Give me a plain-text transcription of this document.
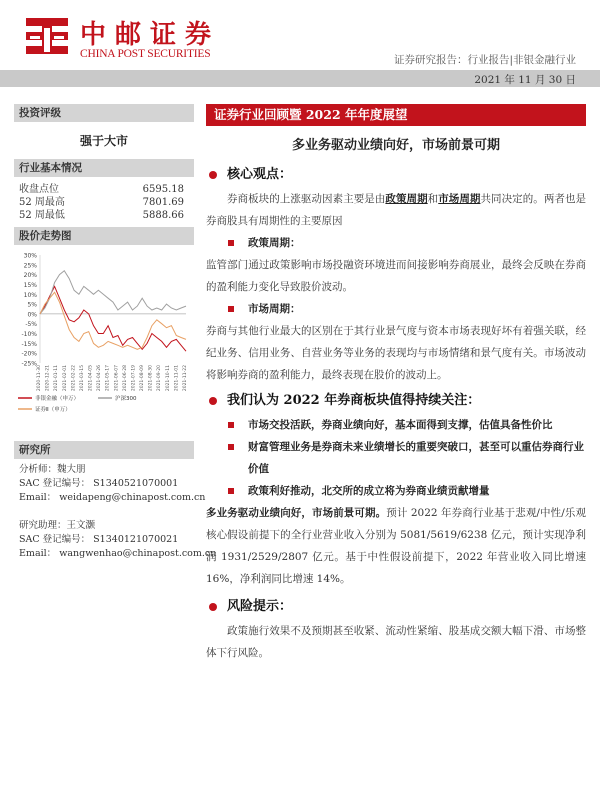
中邮证券
CHINA POST SECURITIES	证券研究报告：行业报告|非银金融行业
2021 年 11 月 30 日
投资评级
强于大市
行业基本情况
收盘点位	6595.18
52 周最高	7801.69
52 周最低	5888.66
股价走势图
30%
25%
20%
15%
10%
5%
0%
-5%
-10%
-15%
-20%
-25%
2020-11-30 2020-12-21 2021-01-11 2021-02-01 2021-02-22 2021-03-15 2021-04-05 2021-04-26 2021-05-17 2021-06-07 2021-06-28 2021-07-19 2021-08-09 2021-08-30 2021-09-20 2021-10-11 2021-11-01 2021-11-22
非银金融（申万）	沪深300
证券Ⅱ（申万）
研究所
分析师：魏大朋
SAC 登记编号： S1340521070001
Email： weidapeng@chinapost.com.cn
研究助理：王文灏
SAC 登记编号： S1340121070021
Email： wangwenhao@chinapost.com.cn
证券行业回顾暨 2022 年年度展望
多业务驱动业绩向好，市场前景可期
核心观点：
券商板块的上涨驱动因素主要是由政策周期和市场周期共同决定的。两者也是券商股具有周期性的主要原因
政策周期：
监管部门通过政策影响市场投融资环境进而间接影响券商展业，最终会反映在券商的盈利能力变化导致股价波动。
市场周期：
券商与其他行业最大的区别在于其行业景气度与资本市场表现好坏有着强关联，经纪业务、信用业务、自营业务等业务的表现均与市场情绪和景气度有关。市场波动将影响券商的盈利能力，最终表现在股价的波动上。
我们认为 2022 年券商板块值得持续关注：
市场交投活跃，券商业绩向好，基本面得到支撑，估值具备性价比
财富管理业务是券商未来业绩增长的重要突破口，甚至可以重估券商行业价值
政策利好推动，北交所的成立将为券商业绩贡献增量
多业务驱动业绩向好，市场前景可期。预计 2022 年券商行业基于悲观/中性/乐观核心假设前提下的全行业营业收入分别为 5081/5619/6238 亿元，预计实现净利润 1931/2529/2807 亿元。基于中性假设前提下，2022 年营业收入同比增速 16%，净利润同比增速 14%。
风险提示：
政策施行效果不及预期甚至收紧、流动性紧缩、股基成交额大幅下滑、市场整体下行风险。
